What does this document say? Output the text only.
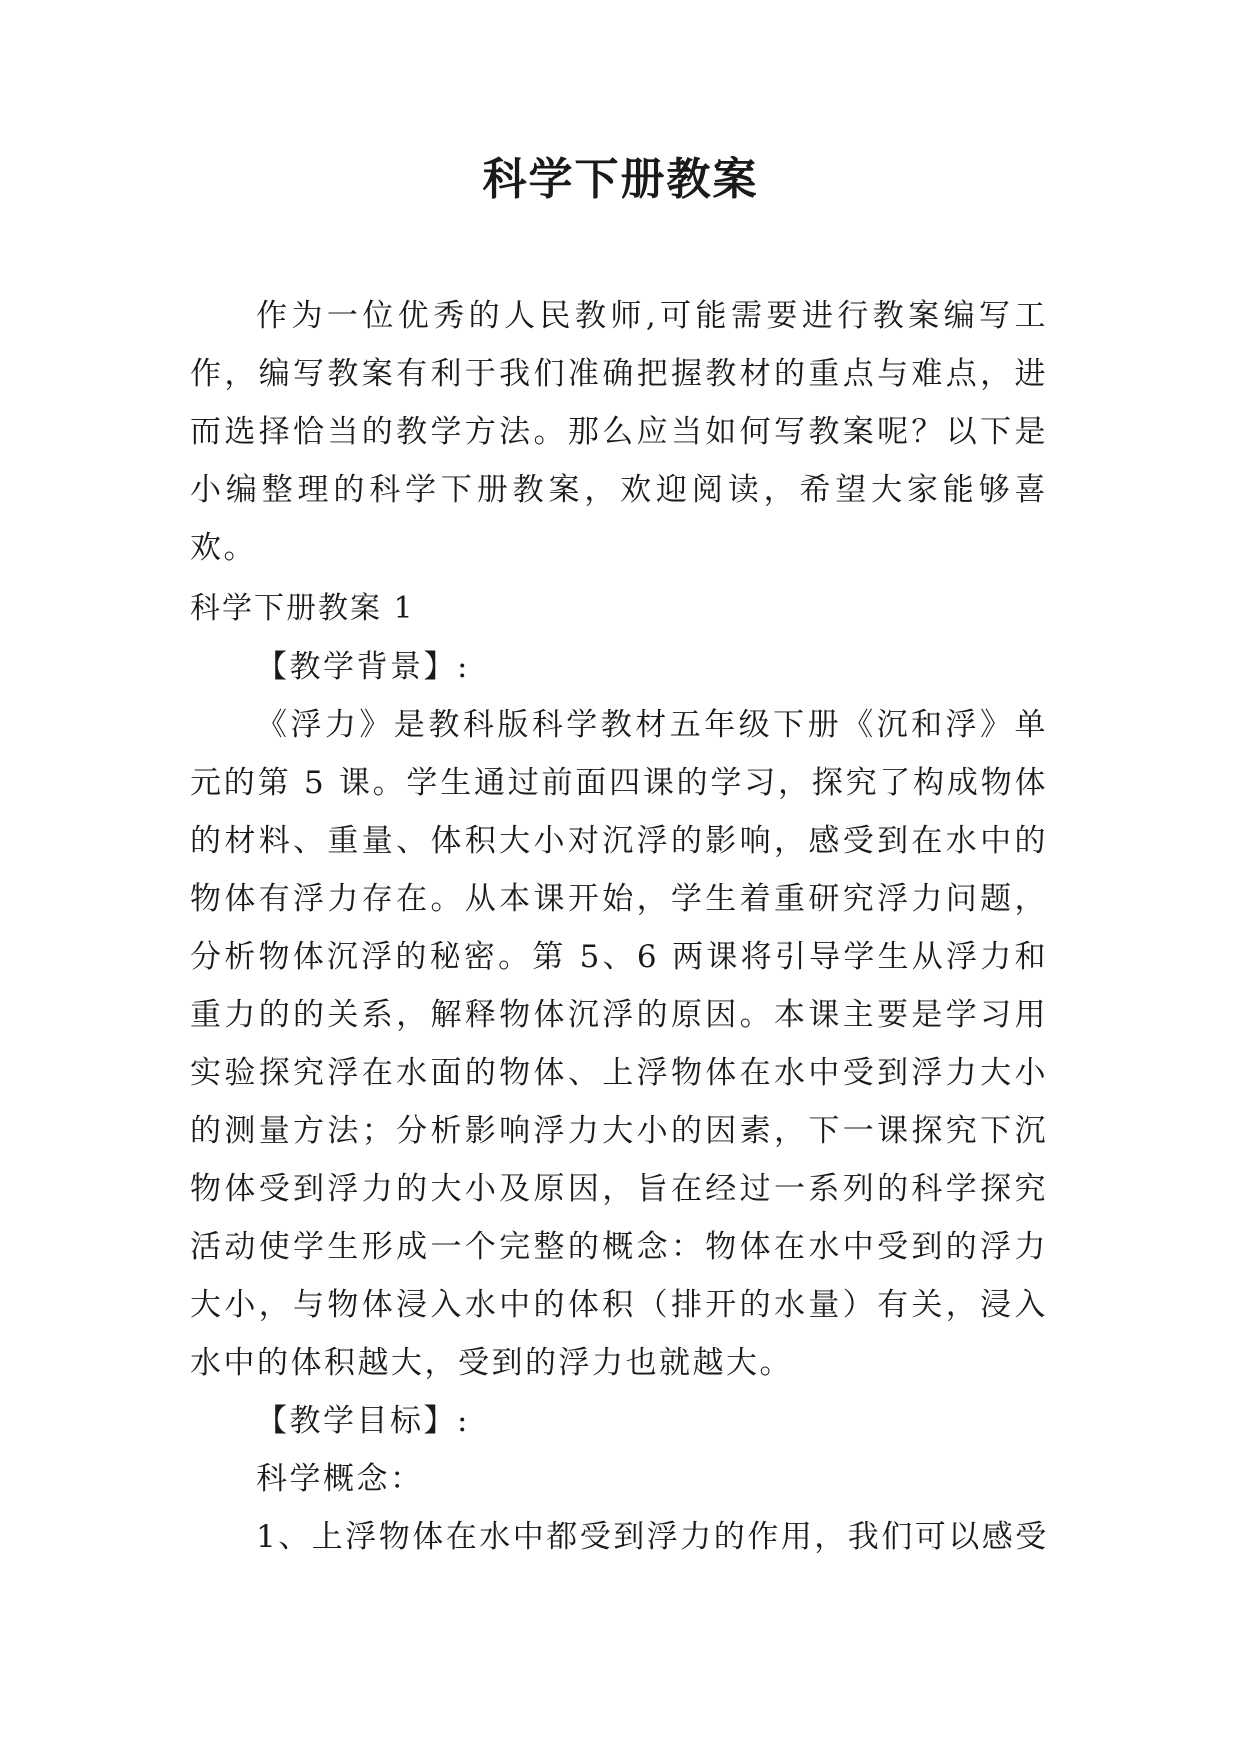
科学下册教案

作为一位优秀的人民教师,可能需要进行教案编写工作，编写教案有利于我们准确把握教材的重点与难点，进而选择恰当的教学方法。那么应当如何写教案呢？以下是小编整理的科学下册教案，欢迎阅读，希望大家能够喜欢。

科学下册教案 1

【教学背景】:

《浮力》是教科版科学教材五年级下册《沉和浮》单元的第 5 课。学生通过前面四课的学习，探究了构成物体的材料、重量、体积大小对沉浮的影响，感受到在水中的物体有浮力存在。从本课开始，学生着重研究浮力问题，分析物体沉浮的秘密。第 5、6 两课将引导学生从浮力和重力的的关系，解释物体沉浮的原因。本课主要是学习用实验探究浮在水面的物体、上浮物体在水中受到浮力大小的测量方法；分析影响浮力大小的因素，下一课探究下沉物体受到浮力的大小及原因，旨在经过一系列的科学探究活动使学生形成一个完整的概念：物体在水中受到的浮力大小，与物体浸入水中的体积（排开的水量）有关，浸入水中的体积越大，受到的浮力也就越大。

【教学目标】:

科学概念：

1、上浮物体在水中都受到浮力的作用，我们可以感受
